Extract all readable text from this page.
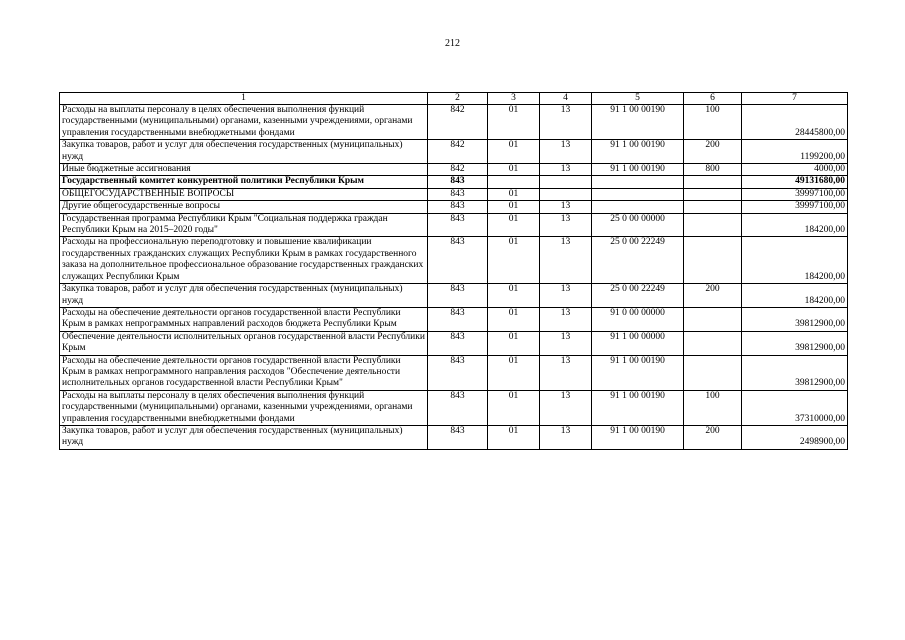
212
1	2	3	4	5	6	7
Расходы на выплаты персоналу в целях обеспечения выполнения функций государственными (муниципальными) органами, казенными учреждениями, органами управления государственными внебюджетными фондами	842	01	13	91 1 00 00190	100	28445800,00
Закупка товаров, работ и услуг для обеспечения государственных (муниципальных) нужд	842	01	13	91 1 00 00190	200	1199200,00
Иные бюджетные ассигнования	842	01	13	91 1 00 00190	800	4000,00
Государственный комитет конкурентной политики Республики Крым	843					49131680,00
ОБЩЕГОСУДАРСТВЕННЫЕ ВОПРОСЫ	843	01				39997100,00
Другие общегосударственные вопросы	843	01	13			39997100,00
Государственная программа Республики Крым "Социальная поддержка граждан Республики Крым на 2015–2020 годы"	843	01	13	25 0 00 00000		184200,00
Расходы на профессиональную переподготовку и повышение квалификации государственных гражданских служащих Республики Крым в рамках государственного заказа на дополнительное профессиональное образование государственных гражданских служащих Республики Крым	843	01	13	25 0 00 22249		184200,00
Закупка товаров, работ и услуг для обеспечения государственных (муниципальных) нужд	843	01	13	25 0 00 22249	200	184200,00
Расходы на обеспечение деятельности органов государственной власти Республики Крым в рамках непрограммных направлений расходов бюджета Республики Крым	843	01	13	91 0 00 00000		39812900,00
Обеспечение деятельности исполнительных органов государственной власти Республики Крым	843	01	13	91 1 00 00000		39812900,00
Расходы на обеспечение деятельности органов государственной власти Республики Крым в рамках непрограммного направления расходов "Обеспечение деятельности исполнительных органов государственной власти Республики Крым"	843	01	13	91 1 00 00190		39812900,00
Расходы на выплаты персоналу в целях обеспечения выполнения функций государственными (муниципальными) органами, казенными учреждениями, органами управления государственными внебюджетными фондами	843	01	13	91 1 00 00190	100	37310000,00
Закупка товаров, работ и услуг для обеспечения государственных (муниципальных) нужд	843	01	13	91 1 00 00190	200	2498900,00
